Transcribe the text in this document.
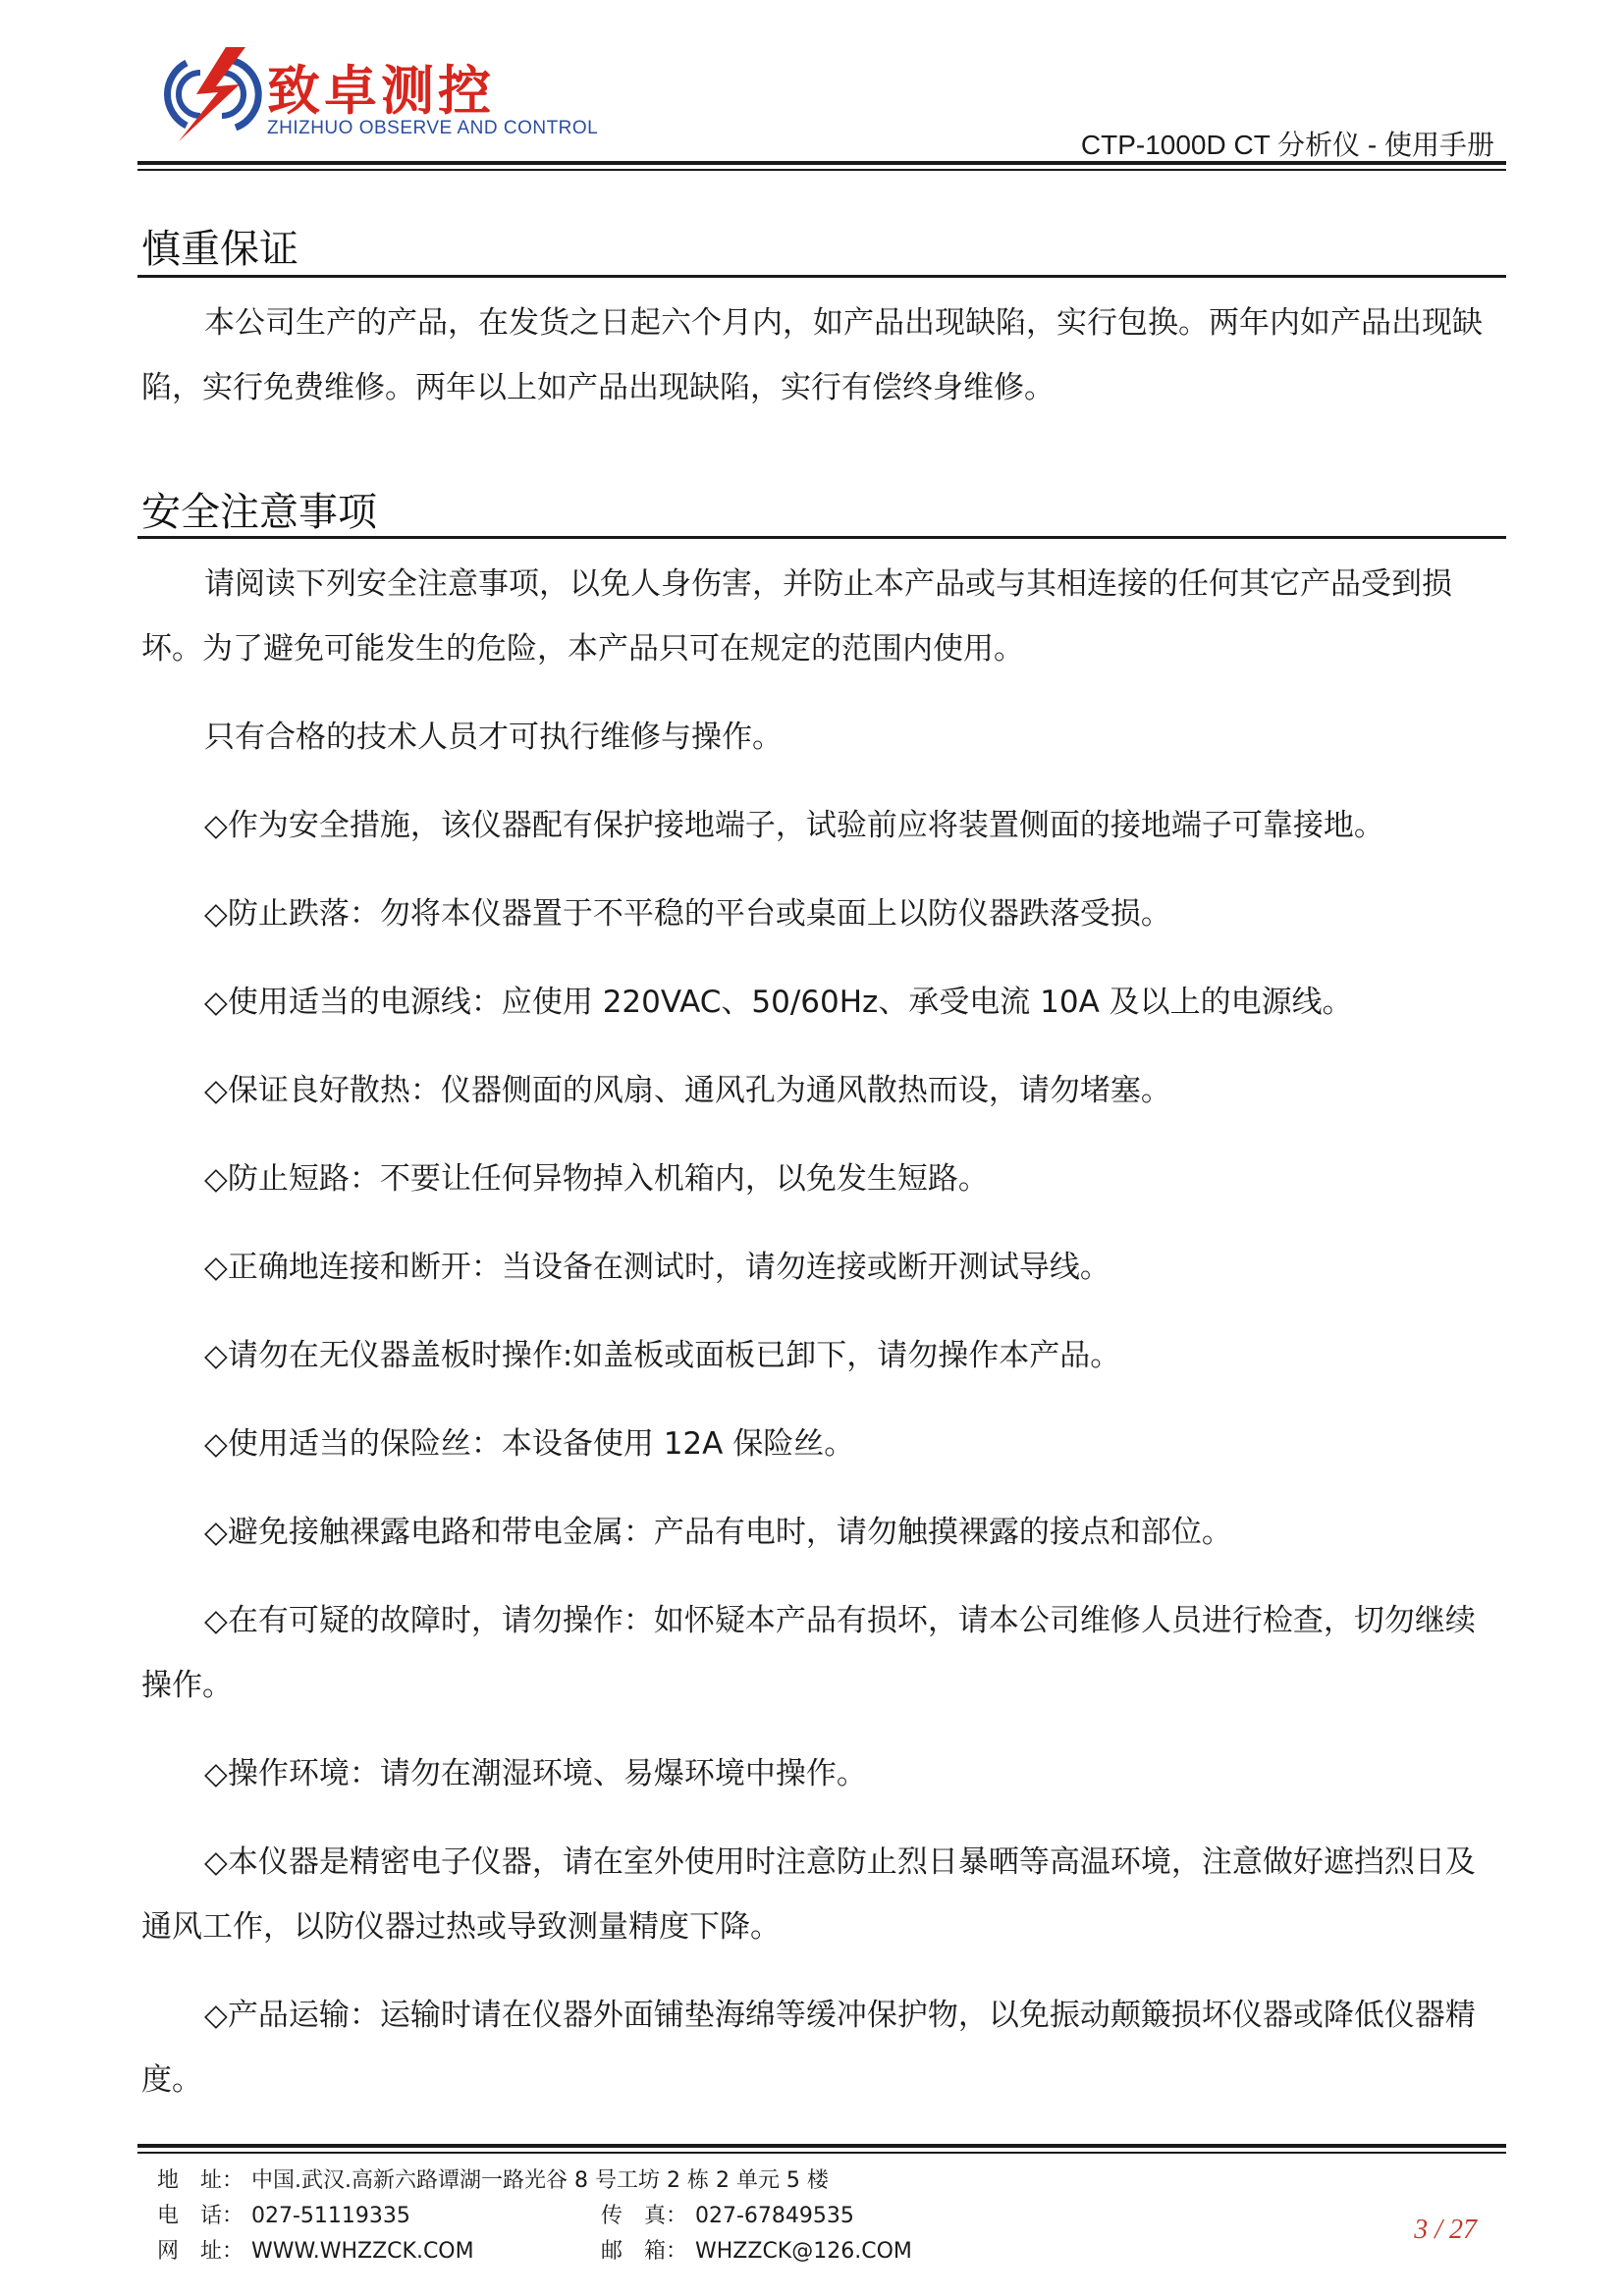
致卓测控
ZHIZHUO OBSERVE AND CONTROL
CTP-1000D CT 分析仪 - 使用手册
慎重保证

本公司生产的产品，在发货之日起六个月内，如产品出现缺陷，实行包换。两年内如产品出现缺陷，实行免费维修。两年以上如产品出现缺陷，实行有偿终身维修。

安全注意事项

请阅读下列安全注意事项，以免人身伤害，并防止本产品或与其相连接的任何其它产品受到损坏。为了避免可能发生的危险，本产品只可在规定的范围内使用。

只有合格的技术人员才可执行维修与操作。

◇作为安全措施，该仪器配有保护接地端子，试验前应将装置侧面的接地端子可靠接地。

◇防止跌落：勿将本仪器置于不平稳的平台或桌面上以防仪器跌落受损。

◇使用适当的电源线：应使用 220VAC、50/60Hz、承受电流 10A 及以上的电源线。

◇保证良好散热：仪器侧面的风扇、通风孔为通风散热而设，请勿堵塞。

◇防止短路：不要让任何异物掉入机箱内，以免发生短路。

◇正确地连接和断开：当设备在测试时，请勿连接或断开测试导线。

◇请勿在无仪器盖板时操作:如盖板或面板已卸下，请勿操作本产品。

◇使用适当的保险丝：本设备使用 12A 保险丝。

◇避免接触裸露电路和带电金属：产品有电时，请勿触摸裸露的接点和部位。

◇在有可疑的故障时，请勿操作：如怀疑本产品有损坏，请本公司维修人员进行检查，切勿继续操作。

◇操作环境：请勿在潮湿环境、易爆环境中操作。

◇本仪器是精密电子仪器，请在室外使用时注意防止烈日暴晒等高温环境，注意做好遮挡烈日及通风工作，以防仪器过热或导致测量精度下降。

◇产品运输：运输时请在仪器外面铺垫海绵等缓冲保护物，以免振动颠簸损坏仪器或降低仪器精度。

地　址： 中国.武汉.高新六路谭湖一路光谷 8 号工坊 2 栋 2 单元 5 楼
电　话： 027-51119335	传　真： 027-67849535
网　址： WWW.WHZZCK.COM	邮　箱： WHZZCK@126.COM
3 / 27
